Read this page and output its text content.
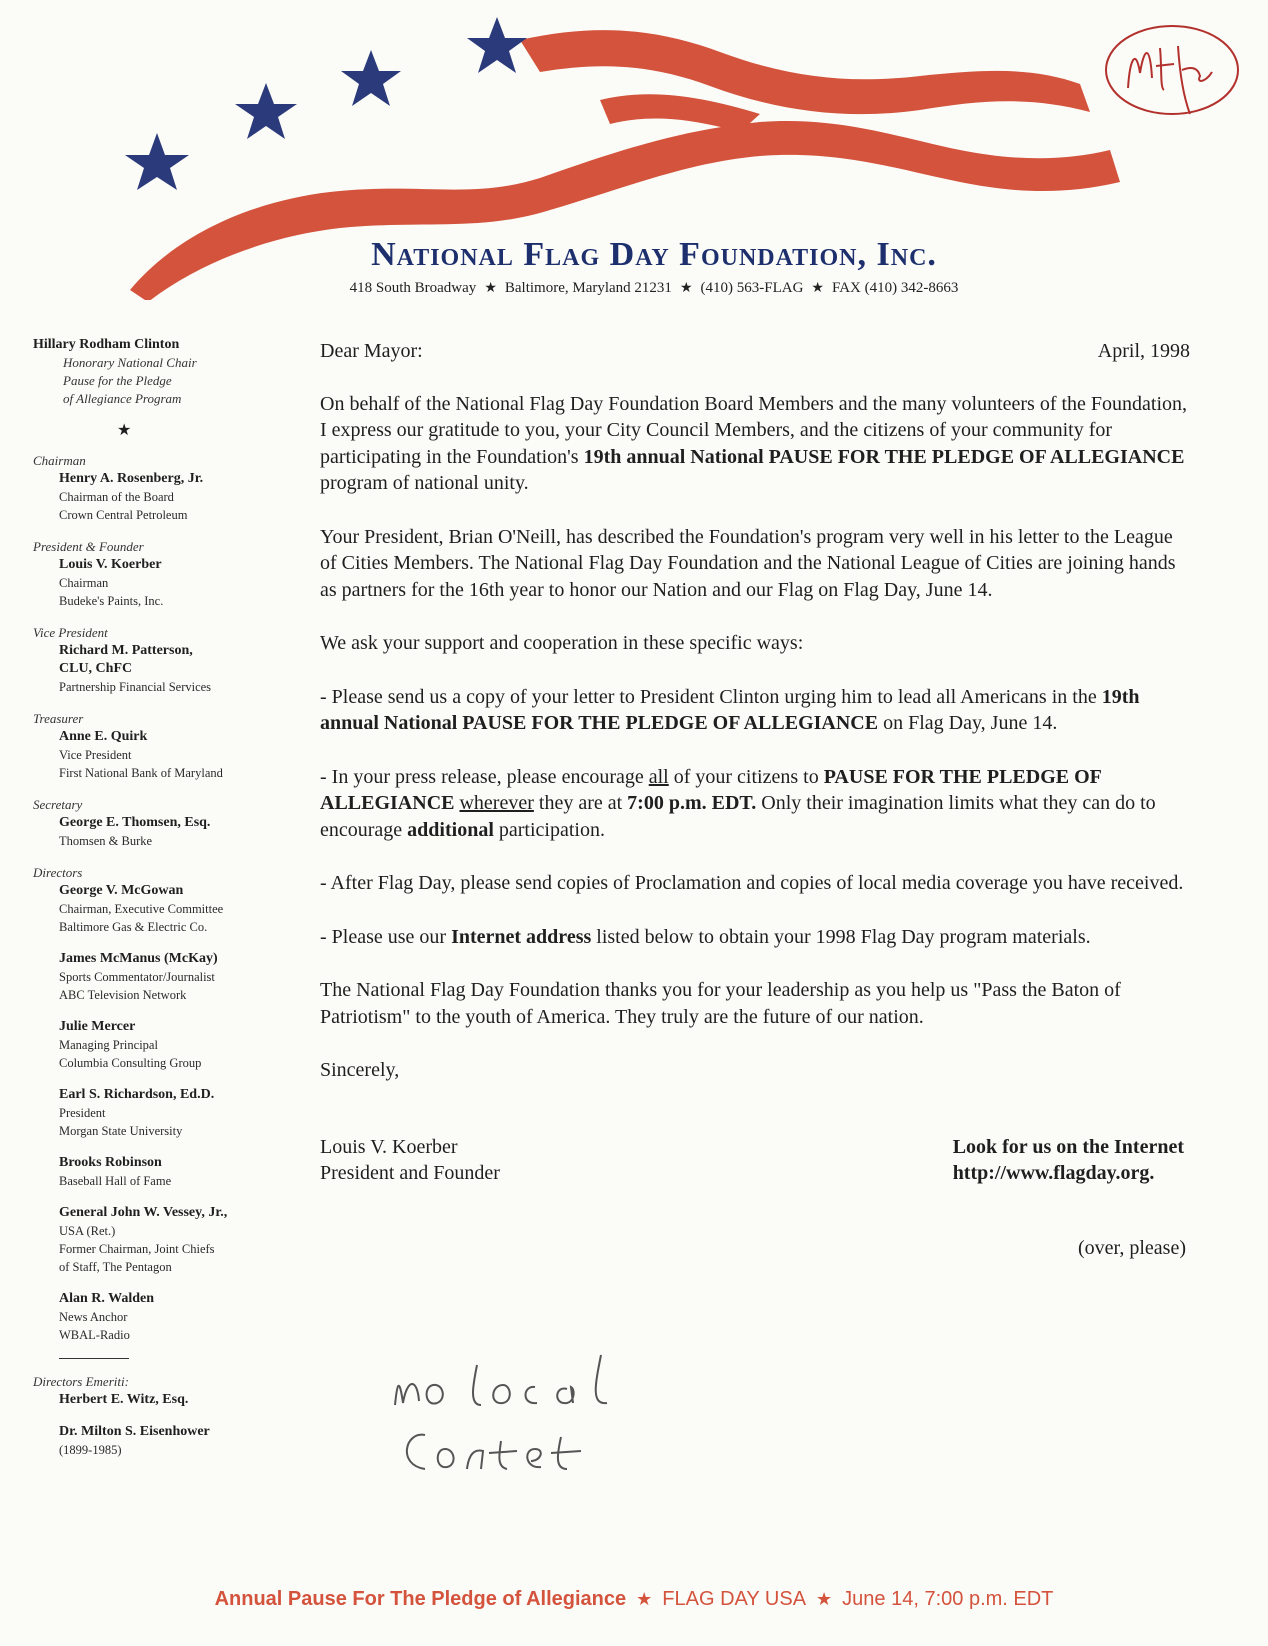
National Flag Day Foundation, Inc.
418 South Broadway ★ Baltimore, Maryland 21231 ★ (410) 563-FLAG ★ FAX (410) 342-8663
Hillary Rodham Clinton
Honorary National Chair
Pause for the Pledge
of Allegiance Program
★
Chairman
Henry A. Rosenberg, Jr.
Chairman of the Board
Crown Central Petroleum
President & Founder
Louis V. Koerber
Chairman
Budeke's Paints, Inc.
Vice President
Richard M. Patterson,
CLU, ChFC
Partnership Financial Services
Treasurer
Anne E. Quirk
Vice President
First National Bank of Maryland
Secretary
George E. Thomsen, Esq.
Thomsen & Burke
Directors
George V. McGowan
Chairman, Executive Committee
Baltimore Gas & Electric Co.
James McManus (McKay)
Sports Commentator/Journalist
ABC Television Network
Julie Mercer
Managing Principal
Columbia Consulting Group
Earl S. Richardson, Ed.D.
President
Morgan State University
Brooks Robinson
Baseball Hall of Fame
General John W. Vessey, Jr.,
USA (Ret.)
Former Chairman, Joint Chiefs
of Staff, The Pentagon
Alan R. Walden
News Anchor
WBAL-Radio
Directors Emeriti:
Herbert E. Witz, Esq.
Dr. Milton S. Eisenhower
(1899-1985)
Dear Mayor:	April, 1998

On behalf of the National Flag Day Foundation Board Members and the many volunteers of the Foundation, I express our gratitude to you, your City Council Members, and the citizens of your community for participating in the Foundation's 19th annual National PAUSE FOR THE PLEDGE OF ALLEGIANCE program of national unity.

Your President, Brian O'Neill, has described the Foundation's program very well in his letter to the League of Cities Members. The National Flag Day Foundation and the National League of Cities are joining hands as partners for the 16th year to honor our Nation and our Flag on Flag Day, June 14.

We ask your support and cooperation in these specific ways:

- Please send us a copy of your letter to President Clinton urging him to lead all Americans in the 19th annual National PAUSE FOR THE PLEDGE OF ALLEGIANCE on Flag Day, June 14.

- In your press release, please encourage all of your citizens to PAUSE FOR THE PLEDGE OF ALLEGIANCE wherever they are at 7:00 p.m. EDT. Only their imagination limits what they can do to encourage additional participation.

- After Flag Day, please send copies of Proclamation and copies of local media coverage you have received.

- Please use our Internet address listed below to obtain your 1998 Flag Day program materials.

The National Flag Day Foundation thanks you for your leadership as you help us "Pass the Baton of Patriotism" to the youth of America. They truly are the future of our nation.

Sincerely,

Louis V. Koerber
President and Founder
Look for us on the Internet
http://www.flagday.org.
(over, please)
Annual Pause For The Pledge of Allegiance ★ FLAG DAY USA ★ June 14, 7:00 p.m. EDT
